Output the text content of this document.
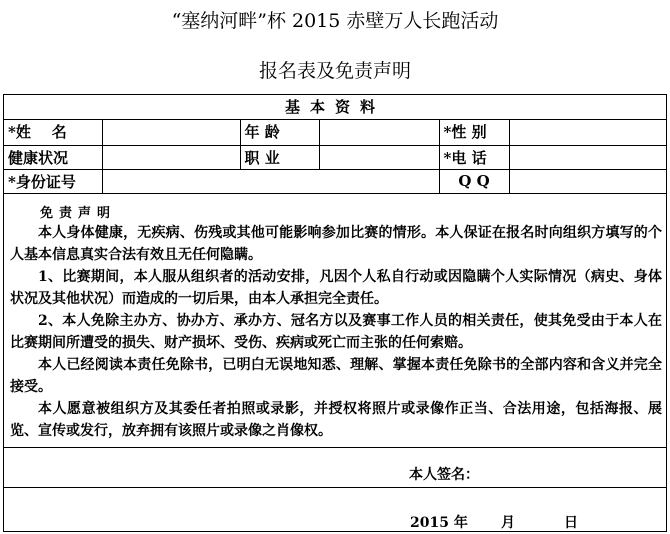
“塞纳河畔”杯 2015 赤壁万人长跑活动
报名表及免责声明
基本资料
*姓    名		年 龄		*性 别	
健康状况		职 业		*电 话	
*身份证号				Q Q	
免责声明
本人身体健康，无疾病、伤残或其他可能影响参加比赛的情形。本人保证在报名时向组织方填写的个人基本信息真实合法有效且无任何隐瞒。
1、比赛期间，本人服从组织者的活动安排，凡因个人私自行动或因隐瞒个人实际情况（病史、身体状况及其他状况）而造成的一切后果，由本人承担完全责任。
2、本人免除主办方、协办方、承办方、冠名方以及赛事工作人员的相关责任，使其免受由于本人在比赛期间所遭受的损失、财产损坏、受伤、疾病或死亡而主张的任何索赔。
本人已经阅读本责任免除书，已明白无误地知悉、理解、掌握本责任免除书的全部内容和含义并完全接受。
本人愿意被组织方及其委任者拍照或录影，并授权将照片或录像作正当、合法用途，包括海报、展览、宣传或发行，放弃拥有该照片或录像之肖像权。
本人签名：
2015 年 月	日
